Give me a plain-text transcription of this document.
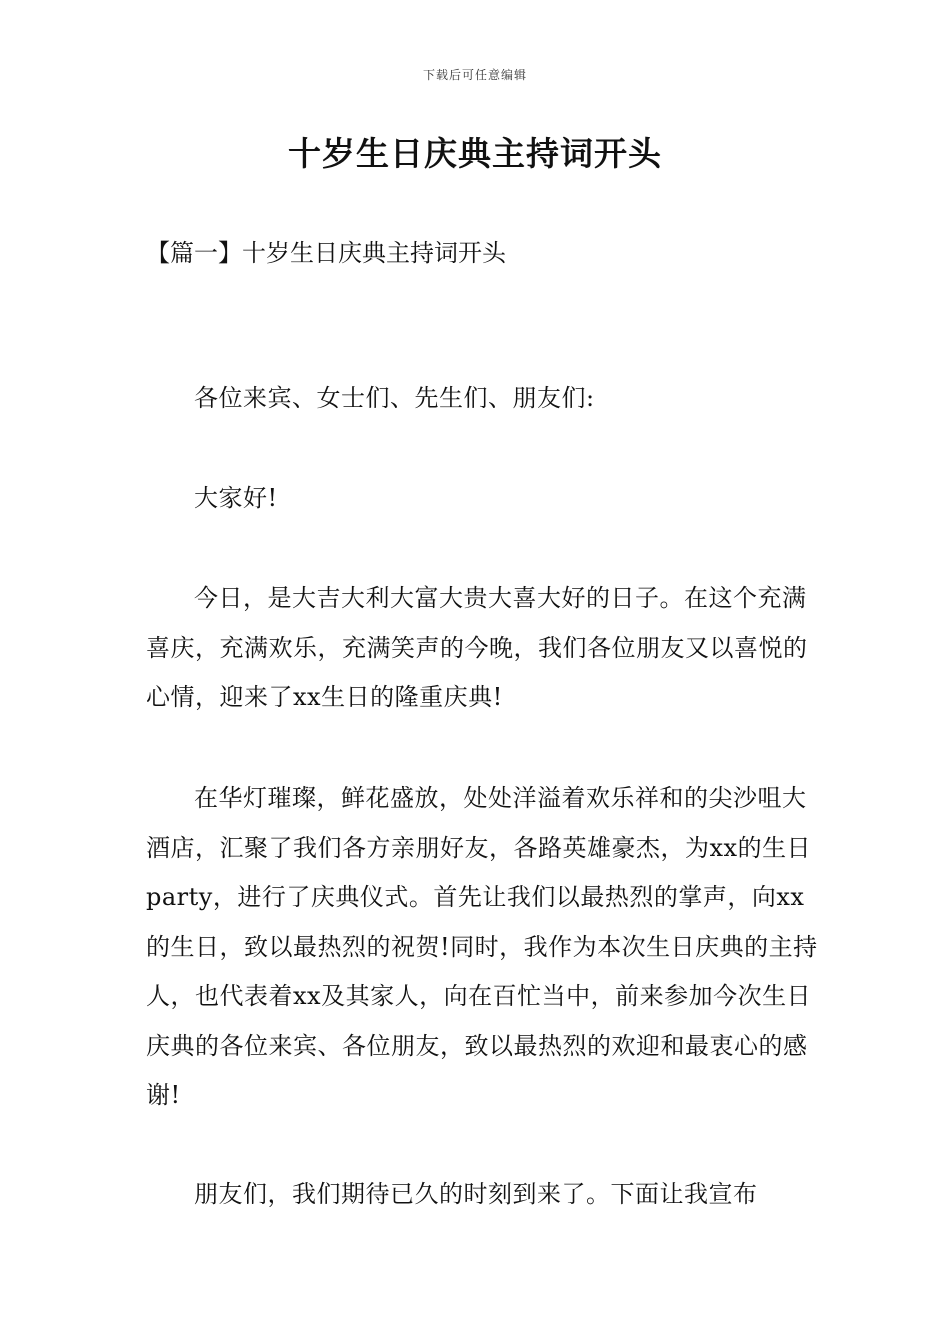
下载后可任意编辑
十岁生日庆典主持词开头
【篇一】十岁生日庆典主持词开头

各位来宾、女士们、先生们、朋友们:

大家好!

今日，是大吉大利大富大贵大喜大好的日子。在这个充满喜庆，充满欢乐，充满笑声的今晚，我们各位朋友又以喜悦的心情，迎来了xx生日的隆重庆典!

在华灯璀璨，鲜花盛放，处处洋溢着欢乐祥和的尖沙咀大酒店，汇聚了我们各方亲朋好友，各路英雄豪杰，为xx的生日party，进行了庆典仪式。首先让我们以最热烈的掌声，向xx的生日，致以最热烈的祝贺!同时，我作为本次生日庆典的主持人，也代表着xx及其家人，向在百忙当中，前来参加今次生日庆典的各位来宾、各位朋友，致以最热烈的欢迎和最衷心的感谢!

朋友们，我们期待已久的时刻到来了。下面让我宣布
